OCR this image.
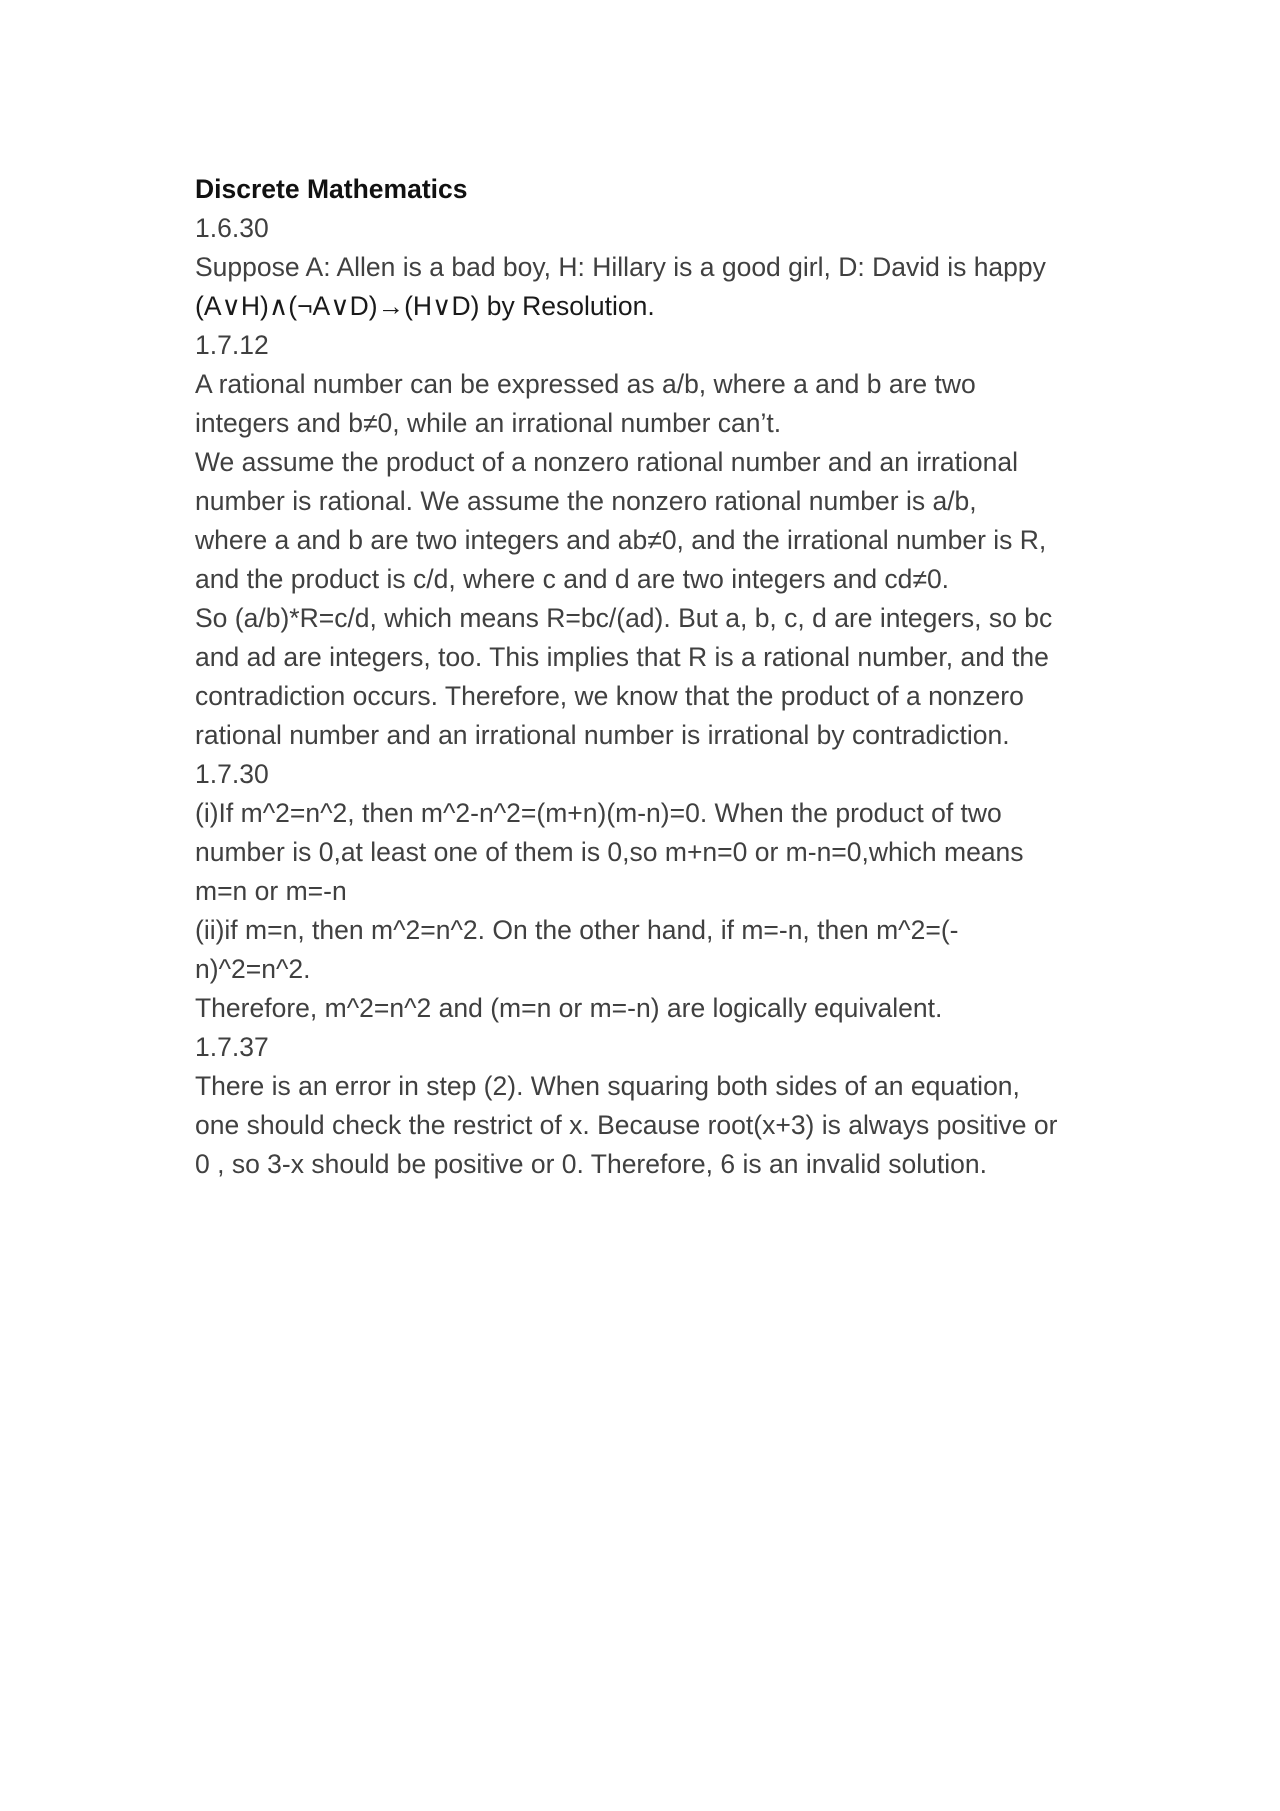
Discrete Mathematics
1.6.30
Suppose A: Allen is a bad boy, H: Hillary is a good girl, D: David is happy
(A∨H)∧(¬A∨D)→(H∨D) by Resolution.
1.7.12
A rational number can be expressed as a/b, where a and b are two
integers and b≠0, while an irrational number can’t.
We assume the product of a nonzero rational number and an irrational
number is rational. We assume the nonzero rational number is a/b,
where a and b are two integers and ab≠0, and the irrational number is R,
and the product is c/d, where c and d are two integers and cd≠0.
So (a/b)*R=c/d, which means R=bc/(ad). But a, b, c, d are integers, so bc
and ad are integers, too. This implies that R is a rational number, and the
contradiction occurs. Therefore, we know that the product of a nonzero
rational number and an irrational number is irrational by contradiction.
1.7.30
(i)If m^2=n^2, then m^2-n^2=(m+n)(m-n)=0. When the product of two
number is 0,at least one of them is 0,so m+n=0 or m-n=0,which means
m=n or m=-n
(ii)if m=n, then m^2=n^2. On the other hand, if m=-n, then m^2=(-
n)^2=n^2.
Therefore, m^2=n^2 and (m=n or m=-n) are logically equivalent.
1.7.37
There is an error in step (2). When squaring both sides of an equation,
one should check the restrict of x. Because root(x+3) is always positive or
0 , so 3-x should be positive or 0. Therefore, 6 is an invalid solution.
